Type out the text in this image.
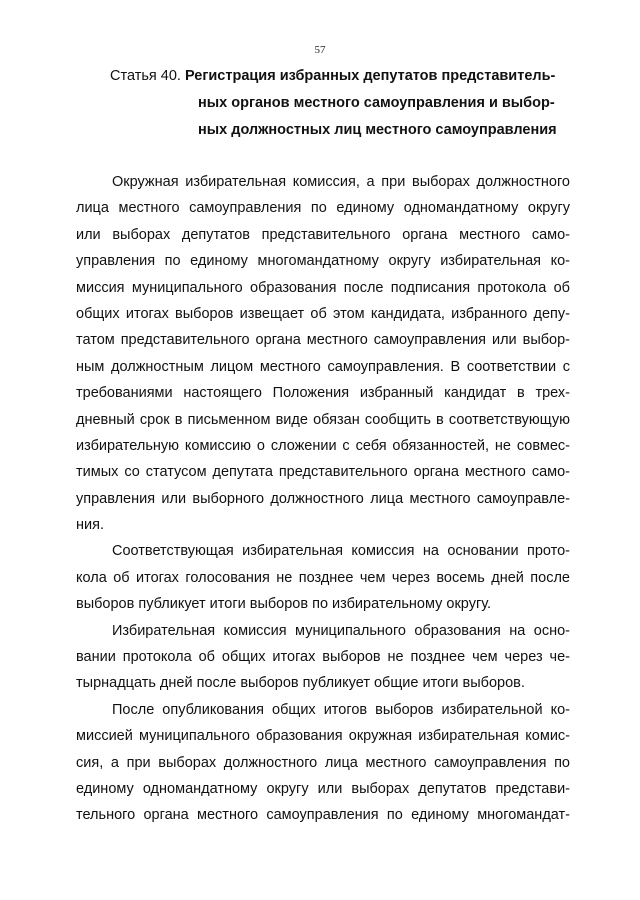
57
Статья 40. Регистрация избранных депутатов представитель-
ных органов местного самоуправления и выбор-
ных должностных лиц местного самоуправления
Окружная избирательная комиссия, а при выборах должностного
лица местного самоуправления по единому одномандатному округу
или выборах депутатов представительного органа местного само-
управления по единому многомандатному округу избирательная ко-
миссия муниципального образования после подписания протокола об
общих итогах выборов извещает об этом кандидата, избранного депу-
татом представительного органа местного самоуправления или выбор-
ным должностным лицом местного самоуправления. В соответствии с
требованиями настоящего Положения избранный кандидат в трех-
дневный срок в письменном виде обязан сообщить в соответствующую
избирательную комиссию о сложении с себя обязанностей, не совмес-
тимых со статусом депутата представительного органа местного само-
управления или выборного должностного лица местного самоуправле-
ния.
Соответствующая избирательная комиссия на основании прото-
кола об итогах голосования не позднее чем через восемь дней после
выборов публикует итоги выборов по избирательному округу.
Избирательная комиссия муниципального образования на осно-
вании протокола об общих итогах выборов не позднее чем через че-
тырнадцать дней после выборов публикует общие итоги выборов.
После опубликования общих итогов выборов избирательной ко-
миссией муниципального образования окружная избирательная комис-
сия, а при выборах должностного лица местного самоуправления по
единому одномандатному округу или выборах депутатов представи-
тельного органа местного самоуправления по единому многомандат-
